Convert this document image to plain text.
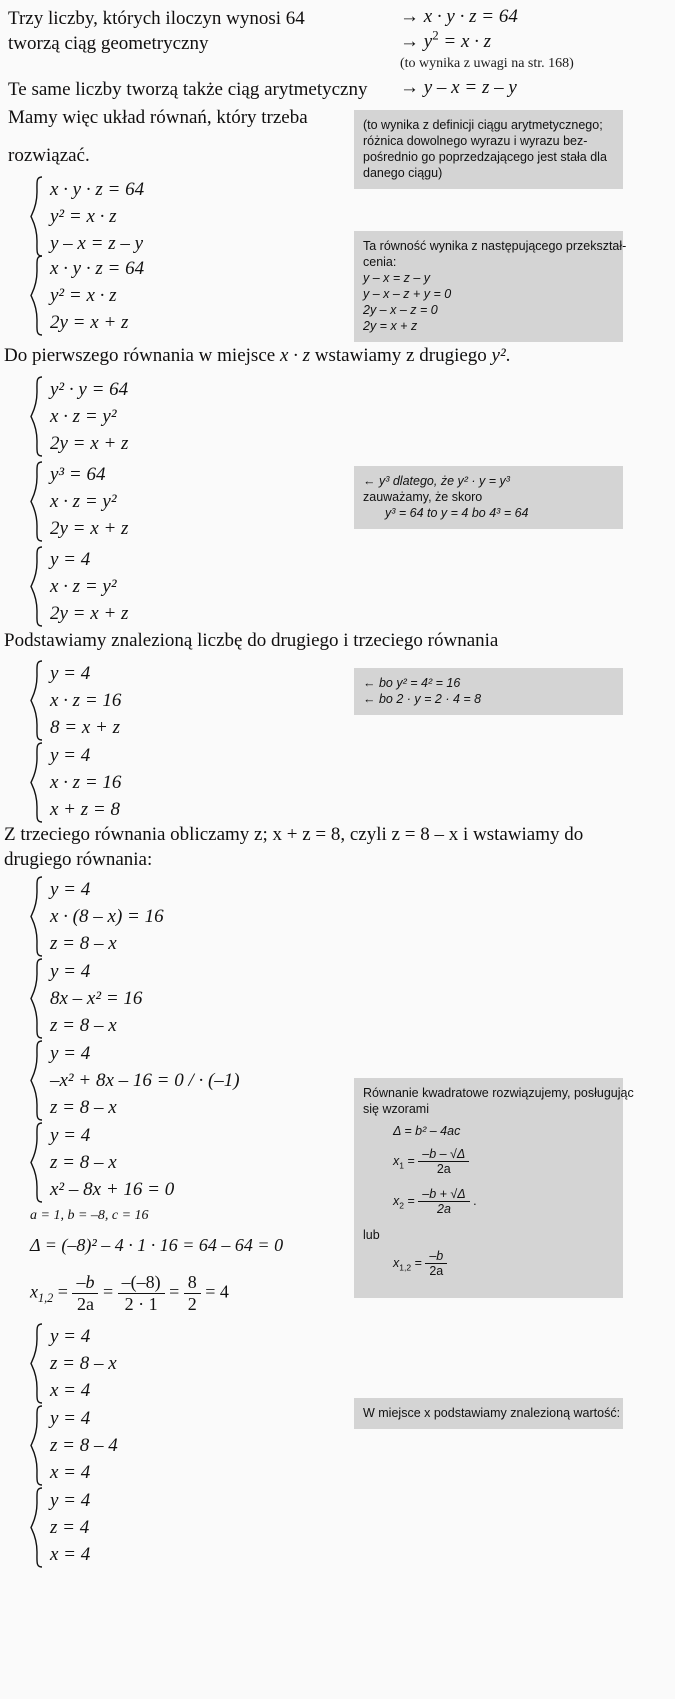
Trzy liczby, których iloczyn wynosi 64
tworzą ciąg geometryczny
→ x · y · z = 64
→ $y^2 = x \cdot z$
(to wynika z uwagi na str. 168)
Te same liczby tworzą także ciąg arytmetyczny → y – x = z – y
Mamy więc układ równań, który trzeba
rozwiązać.
(to wynika z definicji ciągu arytmetycznego;
różnica dowolnego wyrazu i wyrazu bez-
pośrednio go poprzedzającego jest stała dla
danego ciągu)
Ta równość wynika z następującego przekształ-
cenia:
y – x = z – y
y – x – z + y = 0
2y – x – z = 0
2y = x + z
x · y · z = 64
y² = x · z
y – x = z – y
x · y · z = 64
y² = x · z
2y = x + z
Do pierwszego równania w miejsce x · z wstawiamy z drugiego y².
y² · y = 64
x · z = y²
2y = x + z
y³ = 64
x · z = y²
2y = x + z
← y³ dlatego, że y² · y = y³
zauważamy, że skoro
y³ = 64 to y = 4 bo 4³ = 64
y = 4
x · z = y²
2y = x + z
Podstawiamy znalezioną liczbę do drugiego i trzeciego równania
y = 4
x · z = 16
8 = x + z
← bo y² = 4² = 16
← bo 2 · y = 2 · 4 = 8
y = 4
x · z = 16
x + z = 8
Z trzeciego równania obliczamy z; x + z = 8, czyli z = 8 – x i wstawiamy do
drugiego równania:
y = 4
x · (8 – x) = 16
z = 8 – x
y = 4
8x – x² = 16
z = 8 – x
y = 4
–x² + 8x – 16 = 0 / · (–1)
z = 8 – x
Równanie kwadratowe rozwiązujemy, posługując
się wzorami
Δ = b² – 4ac
$x_1 = \frac{-b - √\Delta}{2a}$
$x_2 = \frac{-b + √\Delta}{2a}$ .
lub
$x_{1,2} = \frac{-b}{2a}$
y = 4
z = 8 – x
x² – 8x + 16 = 0
a = 1, b = –8, c = 16
Δ = (–8)² – 4 · 1 · 16 = 64 – 64 = 0
$x_{1,2} = \frac{-b}{2a} = \frac{-(-8)}{2 \cdot 1} = \frac{8}{2} = 4$
y = 4
z = 8 – x
x = 4
y = 4
z = 8 – 4
x = 4
W miejsce x podstawiamy znalezioną wartość:
y = 4
z = 4
x = 4
